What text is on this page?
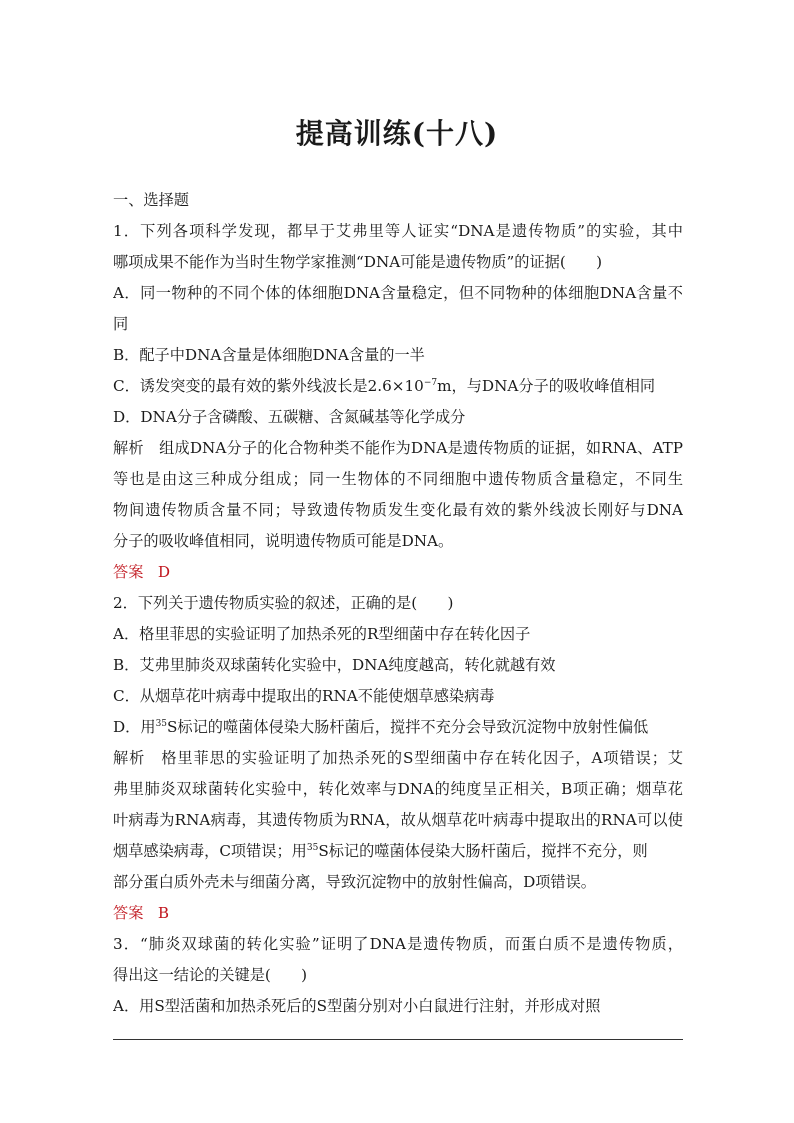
提高训练(十八)
一、选择题
1．下列各项科学发现，都早于艾弗里等人证实“DNA是遗传物质”的实验，其中
哪项成果不能作为当时生物学家推测“DNA可能是遗传物质”的证据(　　)
A．同一物种的不同个体的体细胞DNA含量稳定，但不同物种的体细胞DNA含量不
同
B．配子中DNA含量是体细胞DNA含量的一半
C．诱发突变的最有效的紫外线波长是$2.6\times 10^{-7}m$，与DNA分子的吸收峰值相同
D．DNA分子含磷酸、五碳糖、含氮碱基等化学成分
解析　组成DNA分子的化合物种类不能作为DNA是遗传物质的证据，如RNA、ATP
等也是由这三种成分组成；同一生物体的不同细胞中遗传物质含量稳定，不同生
物间遗传物质含量不同；导致遗传物质发生变化最有效的紫外线波长刚好与DNA
分子的吸收峰值相同，说明遗传物质可能是DNA。
答案 D
2．下列关于遗传物质实验的叙述，正确的是(　　)
A．格里菲思的实验证明了加热杀死的R型细菌中存在转化因子
B．艾弗里肺炎双球菌转化实验中，DNA纯度越高，转化就越有效
C．从烟草花叶病毒中提取出的RNA不能使烟草感染病毒
D．用$^{35}$S标记的噬菌体侵染大肠杆菌后，搅拌不充分会导致沉淀物中放射性偏低
解析　格里菲思的实验证明了加热杀死的S型细菌中存在转化因子，A项错误；艾
弗里肺炎双球菌转化实验中，转化效率与DNA的纯度呈正相关，B项正确；烟草花
叶病毒为RNA病毒，其遗传物质为RNA，故从烟草花叶病毒中提取出的RNA可以使
烟草感染病毒，C项错误；用$^{35}$S标记的噬菌体侵染大肠杆菌后，搅拌不充分，则
部分蛋白质外壳未与细菌分离，导致沉淀物中的放射性偏高，D项错误。
答案 B
3．“肺炎双球菌的转化实验”证明了DNA是遗传物质，而蛋白质不是遗传物质，
得出这一结论的关键是(　　)
A．用S型活菌和加热杀死后的S型菌分别对小白鼠进行注射，并形成对照
